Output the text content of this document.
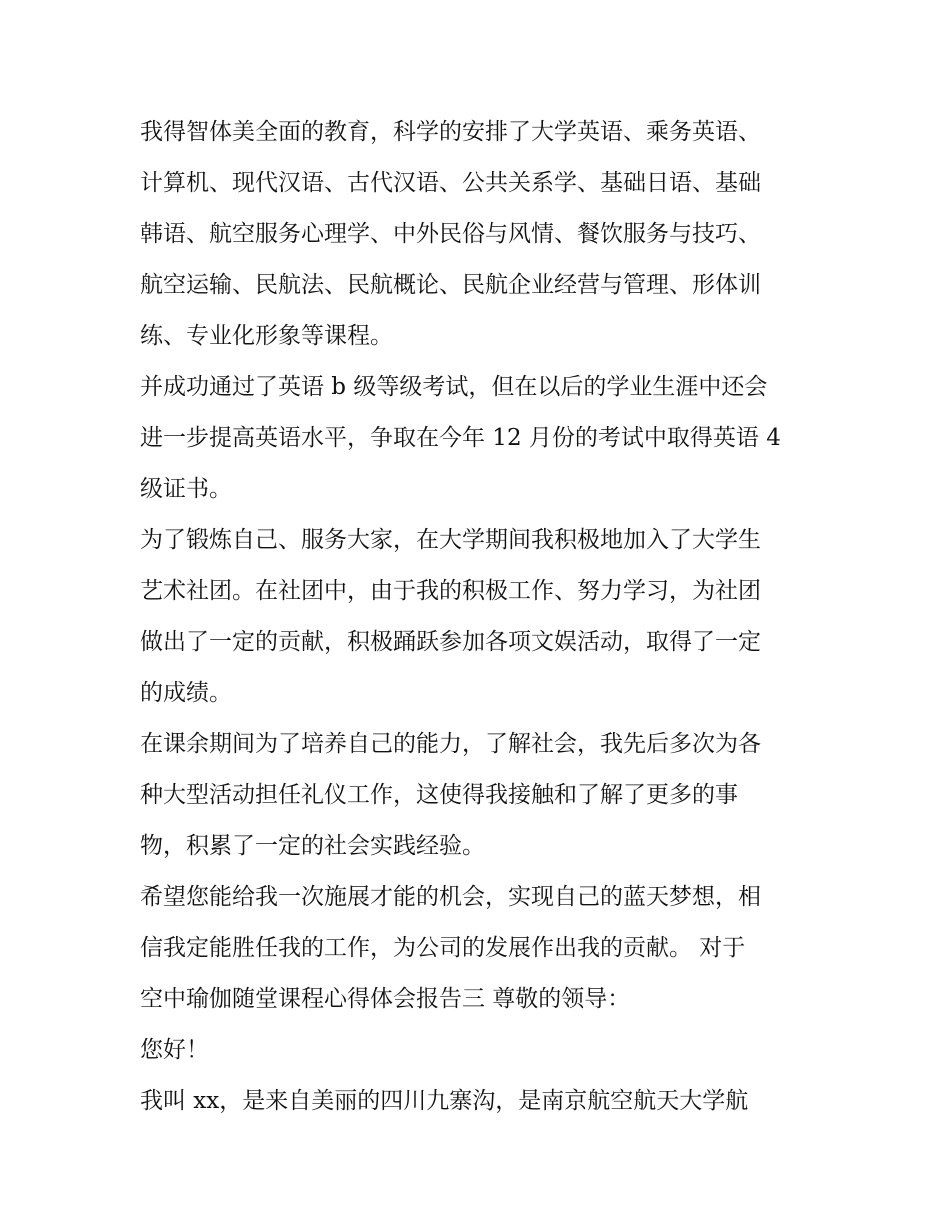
我得智体美全面的教育，科学的安排了大学英语、乘务英语、
计算机、现代汉语、古代汉语、公共关系学、基础日语、基础
韩语、航空服务心理学、中外民俗与风情、餐饮服务与技巧、
航空运输、民航法、民航概论、民航企业经营与管理、形体训
练、专业化形象等课程。
并成功通过了英语 b 级等级考试，但在以后的学业生涯中还会
进一步提高英语水平，争取在今年 12 月份的考试中取得英语 4
级证书。
为了锻炼自己、服务大家，在大学期间我积极地加入了大学生
艺术社团。在社团中，由于我的积极工作、努力学习，为社团
做出了一定的贡献，积极踊跃参加各项文娱活动，取得了一定
的成绩。
在课余期间为了培养自己的能力，了解社会，我先后多次为各
种大型活动担任礼仪工作，这使得我接触和了解了更多的事
物，积累了一定的社会实践经验。
希望您能给我一次施展才能的机会，实现自己的蓝天梦想，相
信我定能胜任我的工作，为公司的发展作出我的贡献。 对于
空中瑜伽随堂课程心得体会报告三 尊敬的领导：
您好！
我叫 xx，是来自美丽的四川九寨沟，是南京航空航天大学航
